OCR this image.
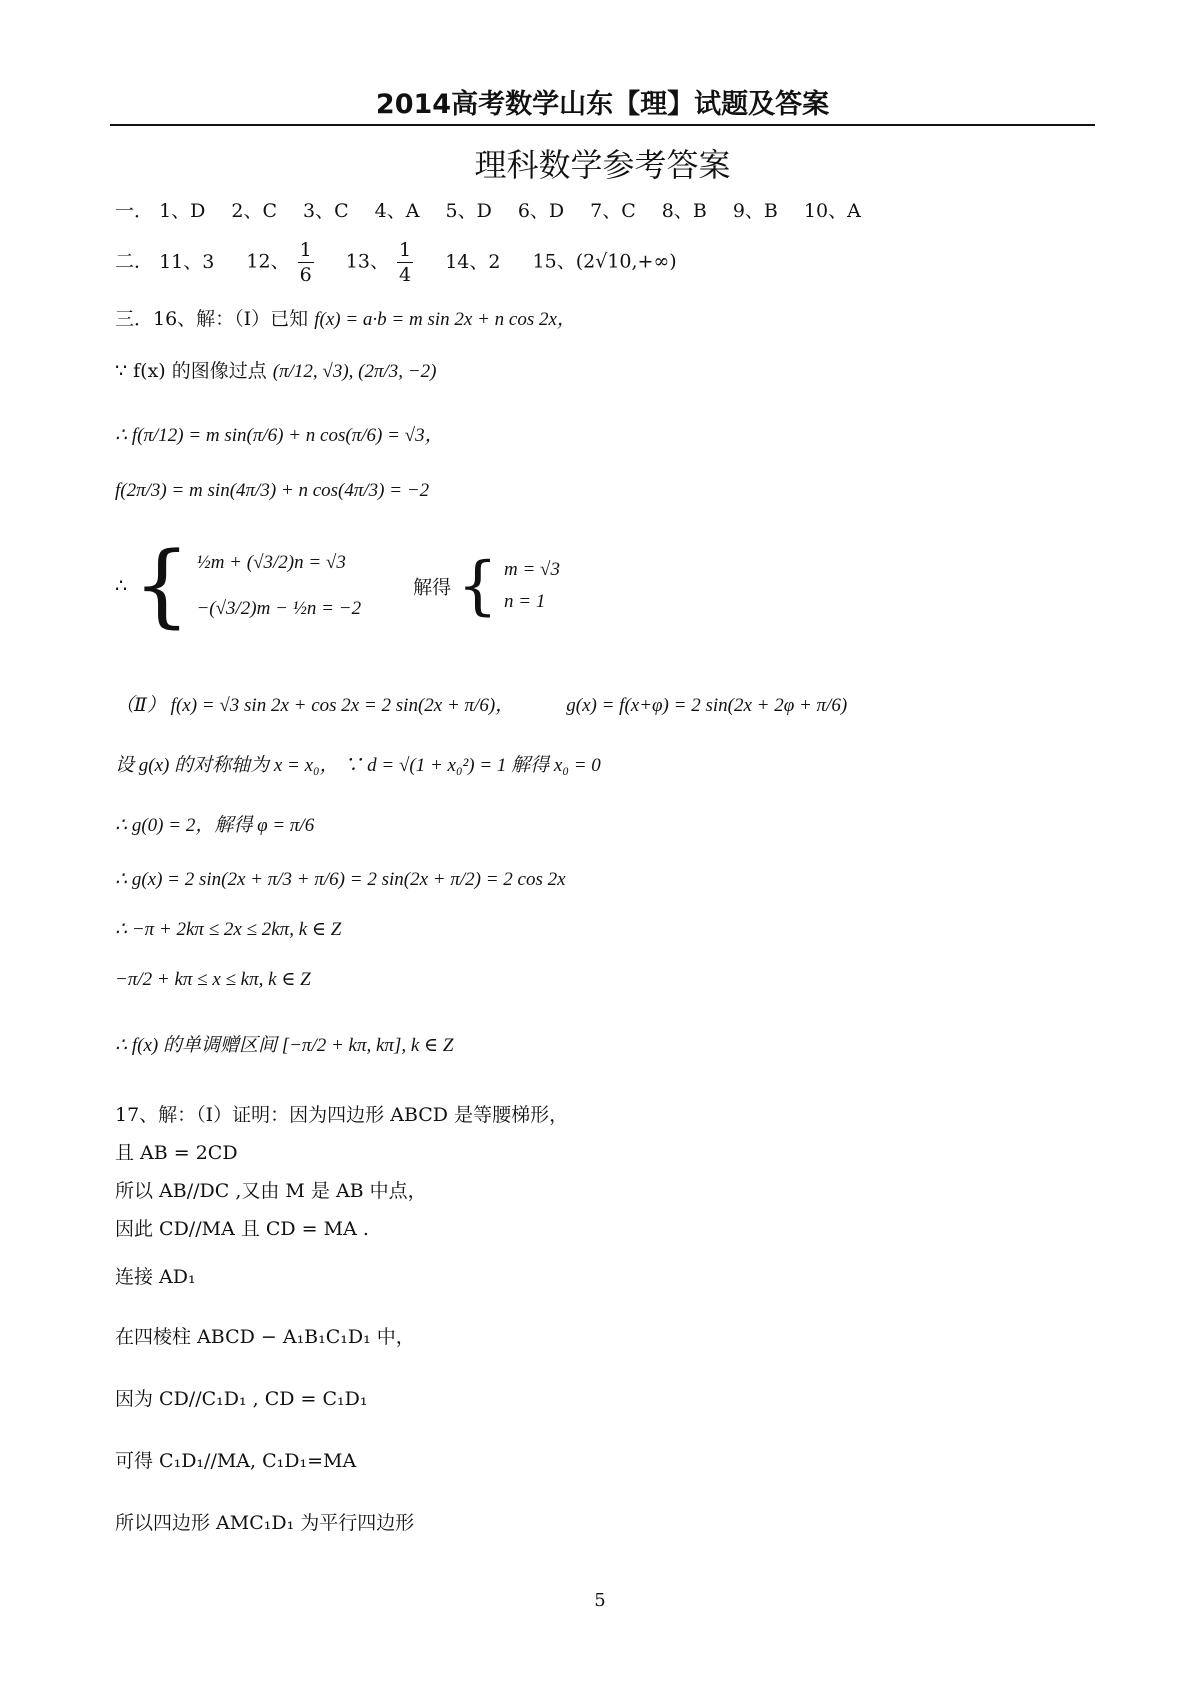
2014高考数学山东【理】试题及答案
理科数学参考答案
一． 1、D 2、C 3、C 4、A 5、D 6、D 7、C 8、B 9、B 10、A
二． 11、3 12、 $\frac{1}{6} 13$、 $\frac{1}{4} 14$、2 15、(2√10,+∞)
三．16、解：（Ⅰ）已知 f(x) = a·b = m sin 2x + n cos 2x，
∵ f(x) 的图像过点 (π/12, √3), (2π/3, −2)
∴ f(π/12) = m sin(π/6) + n cos(π/6) = √3，
f(2π/3) = m sin(4π/3) + n cos(4π/3) = −2
∴ { ½m + (√3/2)n = √3
−(√3/2)m − ½n = −2
解得 { m = √3
n = 1
（Ⅱ） f(x) = √3 sin 2x + cos 2x = 2 sin(2x + π/6)，	g(x) = f(x+φ) = 2 sin(2x + 2φ + π/6)
设 g(x) 的对称轴为 x = x₀， ∵ d = √(1 + x₀²) = 1 解得 x₀ = 0
∴ g(0) = 2，解得 φ = π/6
∴ g(x) = 2 sin(2x + π/3 + π/6) = 2 sin(2x + π/2) = 2 cos 2x
∴ −π + 2kπ ≤ 2x ≤ 2kπ, k ∈ Z
−π/2 + kπ ≤ x ≤ kπ, k ∈ Z
∴ f(x) 的单调赠区间 [−π/2 + kπ, kπ], k ∈ Z
17、解：（Ⅰ）证明：因为四边形 ABCD 是等腰梯形，
且 AB = 2CD
所以 AB//DC ,又由 M 是 AB 中点，
因此 CD//MA 且 CD = MA .
连接 AD₁
在四棱柱 ABCD − A₁B₁C₁D₁ 中，
因为 CD//C₁D₁ , CD = C₁D₁
可得 C₁D₁//MA, C₁D₁=MA
所以四边形 AMC₁D₁ 为平行四边形
5
